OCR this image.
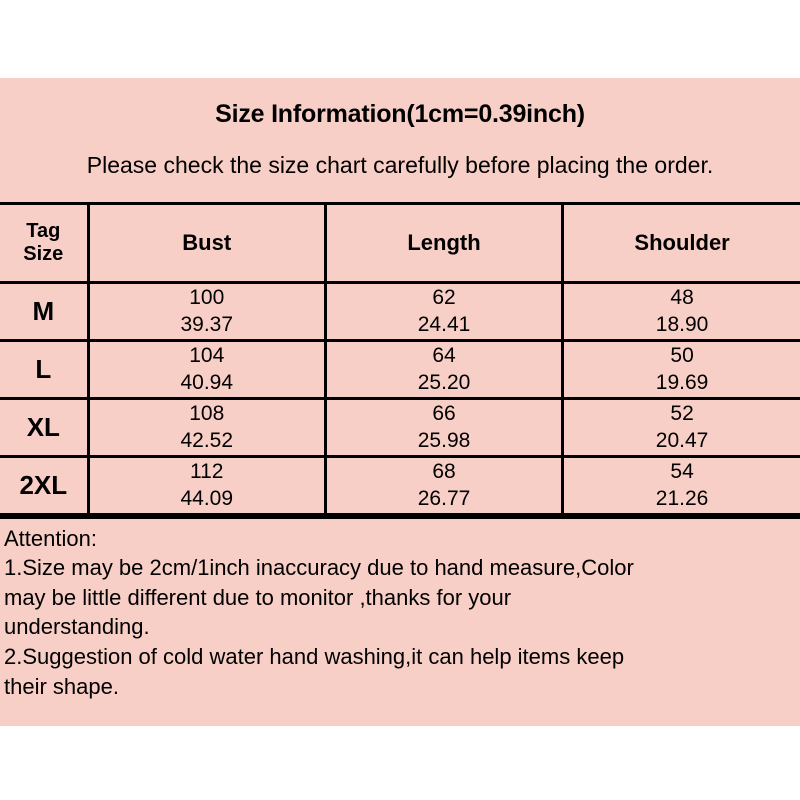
Size Information(1cm=0.39inch)
Please check the size chart carefully before placing the order.
Tag
Size	Bust	Length	Shoulder
M	100	62	48
	39.37	24.41	18.90
L	104	64	50
	40.94	25.20	19.69
XL	108	66	52
	42.52	25.98	20.47
2XL	112	68	54
	44.09	26.77	21.26

Attention:

1.Size may be 2cm/1inch inaccuracy due to hand measure,Color

may be little different due to monitor ,thanks for your

understanding.

2.Suggestion of cold water hand washing,it can help items keep

their shape.
